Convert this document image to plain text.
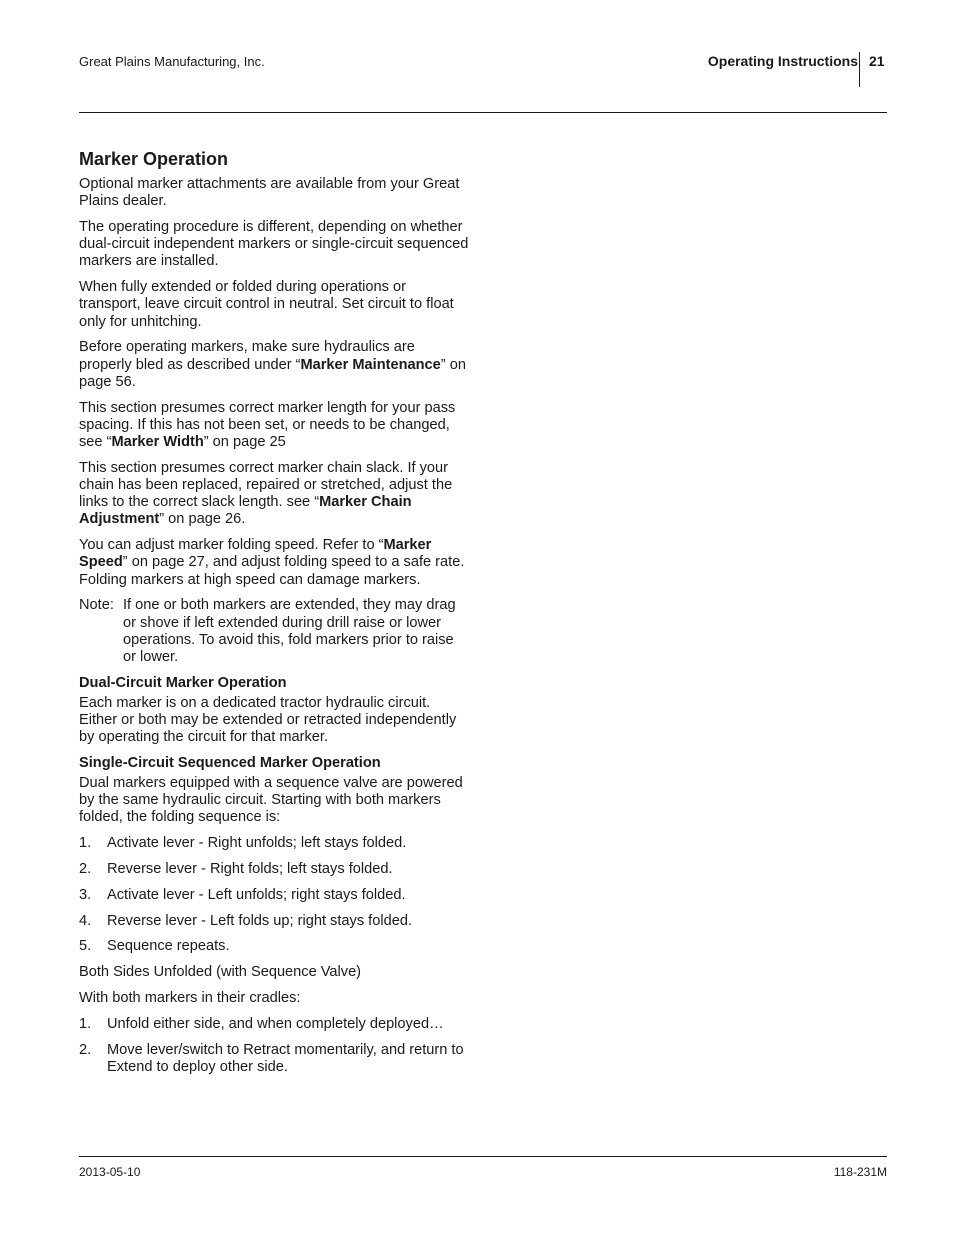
Great Plains Manufacturing, Inc.	Operating Instructions 21
Marker Operation

Optional marker attachments are available from your Great Plains dealer.

The operating procedure is different, depending on whether dual-circuit independent markers or single-circuit sequenced markers are installed.

When fully extended or folded during operations or transport, leave circuit control in neutral. Set circuit to float only for unhitching.

Before operating markers, make sure hydraulics are properly bled as described under “Marker Maintenance” on page 56.

This section presumes correct marker length for your pass spacing. If this has not been set, or needs to be changed, see “Marker Width” on page 25

This section presumes correct marker chain slack. If your chain has been replaced, repaired or stretched, adjust the links to the correct slack length. see “Marker Chain Adjustment” on page 26.

You can adjust marker folding speed. Refer to “Marker Speed” on page 27, and adjust folding speed to a safe rate. Folding markers at high speed can damage markers.

Note: If one or both markers are extended, they may drag or shove if left extended during drill raise or lower operations. To avoid this, fold markers prior to raise or lower.
Dual-Circuit Marker Operation

Each marker is on a dedicated tractor hydraulic circuit. Either or both may be extended or retracted independently by operating the circuit for that marker.

Single-Circuit Sequenced Marker Operation

Dual markers equipped with a sequence valve are powered by the same hydraulic circuit. Starting with both markers folded, the folding sequence is:

1.	Activate lever - Right unfolds; left stays folded.
2.	Reverse lever - Right folds; left stays folded.
3.	Activate lever - Left unfolds; right stays folded.
4.	Reverse lever - Left folds up; right stays folded.
5.	Sequence repeats.

Both Sides Unfolded (with Sequence Valve)

With both markers in their cradles:

1.	Unfold either side, and when completely deployed…
2.	Move lever/switch to Retract momentarily, and return to Extend to deploy other side.
2013-05-10	118-231M
